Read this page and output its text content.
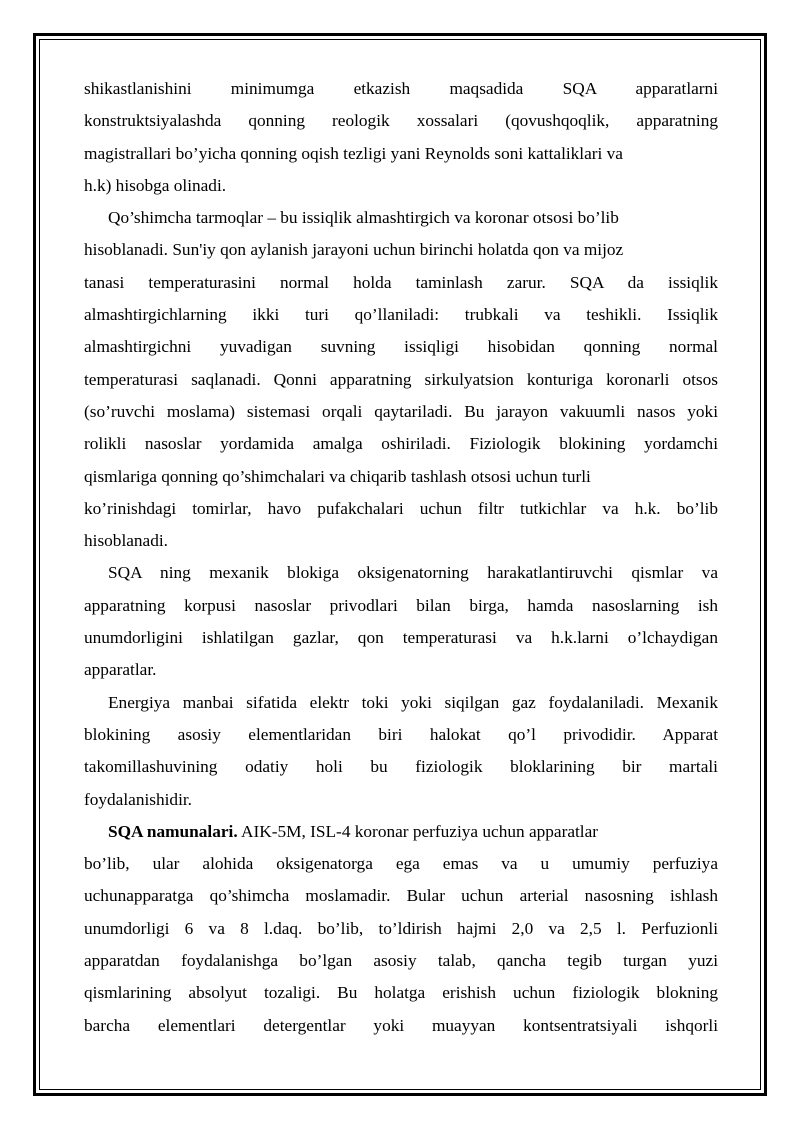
shikastlanishini minimumga etkazish maqsadida SQA apparatlarni
konstruktsiyalashda qonning reologik xossalari (qovushqoqlik, apparatning
magistrallari bo’yicha qonning oqish tezligi yani Reynolds soni kattaliklari va
h.k) hisobga olinadi.
Qo’shimcha tarmoqlar – bu issiqlik almashtirgich va koronar otsosi bo’lib
hisoblanadi. Sun'iy qon aylanish jarayoni uchun birinchi holatda qon va mijoz
tanasi temperaturasini normal holda taminlash zarur. SQA da issiqlik
almashtirgichlarning ikki turi qo’llaniladi: trubkali va teshikli. Issiqlik
almashtirgichni yuvadigan suvning issiqligi hisobidan qonning normal
temperaturasi saqlanadi. Qonni apparatning sirkulyatsion konturiga koronarli otsos
(so’ruvchi moslama) sistemasi orqali qaytariladi. Bu jarayon vakuumli nasos yoki
rolikli nasoslar yordamida amalga oshiriladi. Fiziologik blokining yordamchi
qismlariga qonning qo’shimchalari va chiqarib tashlash otsosi uchun turli
ko’rinishdagi tomirlar, havo pufakchalari uchun filtr tutkichlar va h.k. bo’lib
hisoblanadi.
SQA ning mexanik blokiga oksigenatorning harakatlantiruvchi qismlar va
apparatning korpusi nasoslar privodlari bilan birga, hamda nasoslarning ish
unumdorligini ishlatilgan gazlar, qon temperaturasi va h.k.larni o’lchaydigan
apparatlar.
Energiya manbai sifatida elektr toki yoki siqilgan gaz foydalaniladi. Mexanik
blokining asosiy elementlaridan biri halokat qo’l privodidir. Apparat
takomillashuvining odatiy holi bu fiziologik bloklarining bir martali
foydalanishidir.
SQA namunalari. AIK-5M, ISL-4 koronar perfuziya uchun apparatlar
bo’lib, ular alohida oksigenatorga ega emas va u umumiy perfuziya
uchunapparatga qo’shimcha moslamadir. Bular uchun arterial nasosning ishlash
unumdorligi 6 va 8 l.daq. bo’lib, to’ldirish hajmi 2,0 va 2,5 l. Perfuzionli
apparatdan foydalanishga bo’lgan asosiy talab, qancha tegib turgan yuzi
qismlarining absolyut tozaligi. Bu holatga erishish uchun fiziologik blokning
barcha elementlari detergentlar yoki muayyan kontsentratsiyali ishqorli
